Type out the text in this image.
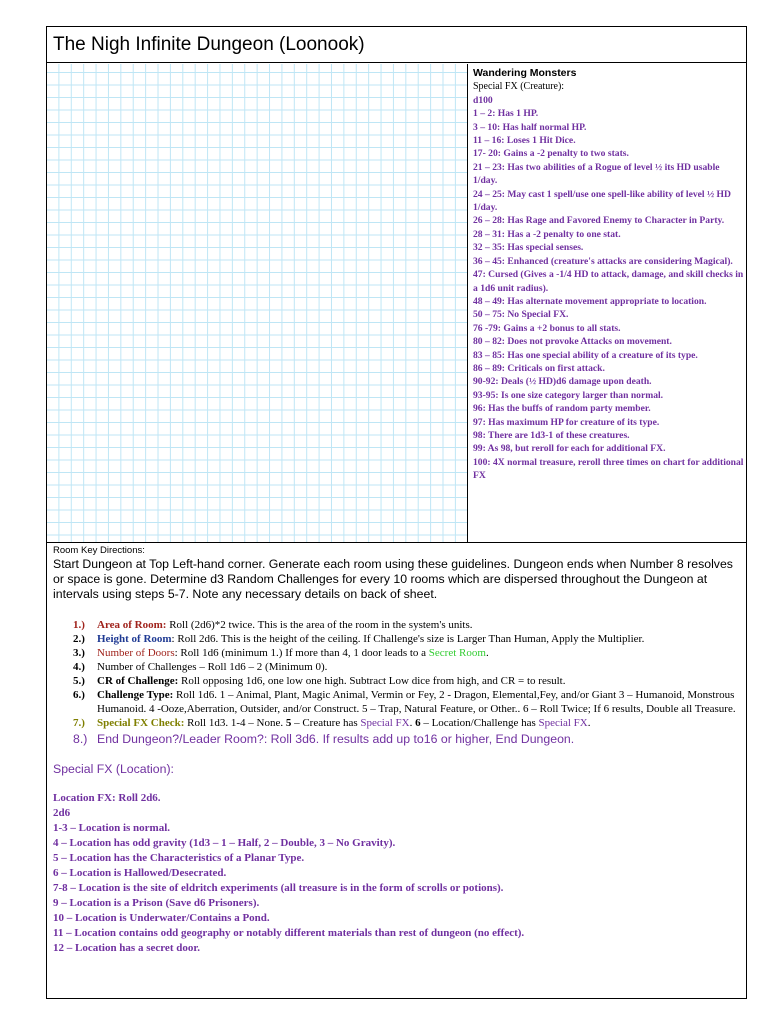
The Nigh Infinite Dungeon (Loonook)
Wandering Monsters
Special FX (Creature):
d100
1 – 2: Has 1 HP.
3 – 10: Has half normal HP.
11 – 16: Loses 1 Hit Dice.
17- 20: Gains a -2 penalty to two stats.
21 – 23: Has two abilities of a Rogue of level ½ its HD usable 1/day.
24 – 25: May cast 1 spell/use one spell-like ability of level ½ HD 1/day.
26 – 28: Has Rage and Favored Enemy to Character in Party.
28 – 31: Has a -2 penalty to one stat.
32 – 35: Has special senses.
36 – 45: Enhanced (creature's attacks are considering Magical).
47: Cursed (Gives a -1/4 HD to attack, damage, and skill checks in a 1d6 unit radius).
48 – 49: Has alternate movement appropriate to location.
50 – 75: No Special FX.
76 -79: Gains a +2 bonus to all stats.
80 – 82: Does not provoke Attacks on movement.
83 – 85: Has one special ability of a creature of its type.
86 – 89: Criticals on first attack.
90-92: Deals (½ HD)d6 damage upon death.
93-95: Is one size category larger than normal.
96: Has the buffs of random party member.
97: Has maximum HP for creature of its type.
98: There are 1d3-1 of these creatures.
99: As 98, but reroll for each for additional FX.
100: 4X normal treasure, reroll three times on chart for additional FX
Room Key Directions:
Start Dungeon at Top Left-hand corner. Generate each room using these guidelines. Dungeon ends when Number 8 resolves or space is gone. Determine d3 Random Challenges for every 10 rooms which are dispersed throughout the Dungeon at intervals using steps 5-7. Note any necessary details on back of sheet.
1.)	Area of Room: Roll (2d6)*2 twice. This is the area of the room in the system's units.
2.)	Height of Room: Roll 2d6. This is the height of the ceiling. If Challenge's size is Larger Than Human, Apply the Multiplier.
3.)	Number of Doors: Roll 1d6 (minimum 1.) If more than 4, 1 door leads to a Secret Room.
4.)	Number of Challenges – Roll 1d6 – 2 (Minimum 0).
5.)	CR of Challenge: Roll opposing 1d6, one low one high. Subtract Low dice from high, and CR = to result.
6.)	Challenge Type: Roll 1d6. 1 – Animal, Plant, Magic Animal, Vermin or Fey, 2 - Dragon, Elemental,Fey, and/or Giant 3 – Humanoid, Monstrous Humanoid. 4 -Ooze,Aberration, Outsider, and/or Construct. 5 – Trap, Natural Feature, or Other.. 6 – Roll Twice; If 6 results, Double all Treasure.
7.)	Special FX Check: Roll 1d3. 1-4 – None. 5 – Creature has Special FX. 6 – Location/Challenge has Special FX.
8.) End Dungeon?/Leader Room?: Roll 3d6. If results add up to16 or higher, End Dungeon.
Special FX (Location):
Location FX: Roll 2d6.
2d6
1-3 – Location is normal.
4 – Location has odd gravity (1d3 – 1 – Half, 2 – Double, 3 – No Gravity).
5 – Location has the Characteristics of a Planar Type.
6 – Location is Hallowed/Desecrated.
7-8 – Location is the site of eldritch experiments (all treasure is in the form of scrolls or potions).
9 – Location is a Prison (Save d6 Prisoners).
10 – Location is Underwater/Contains a Pond.
11 – Location contains odd geography or notably different materials than rest of dungeon (no effect).
12 – Location has a secret door.
